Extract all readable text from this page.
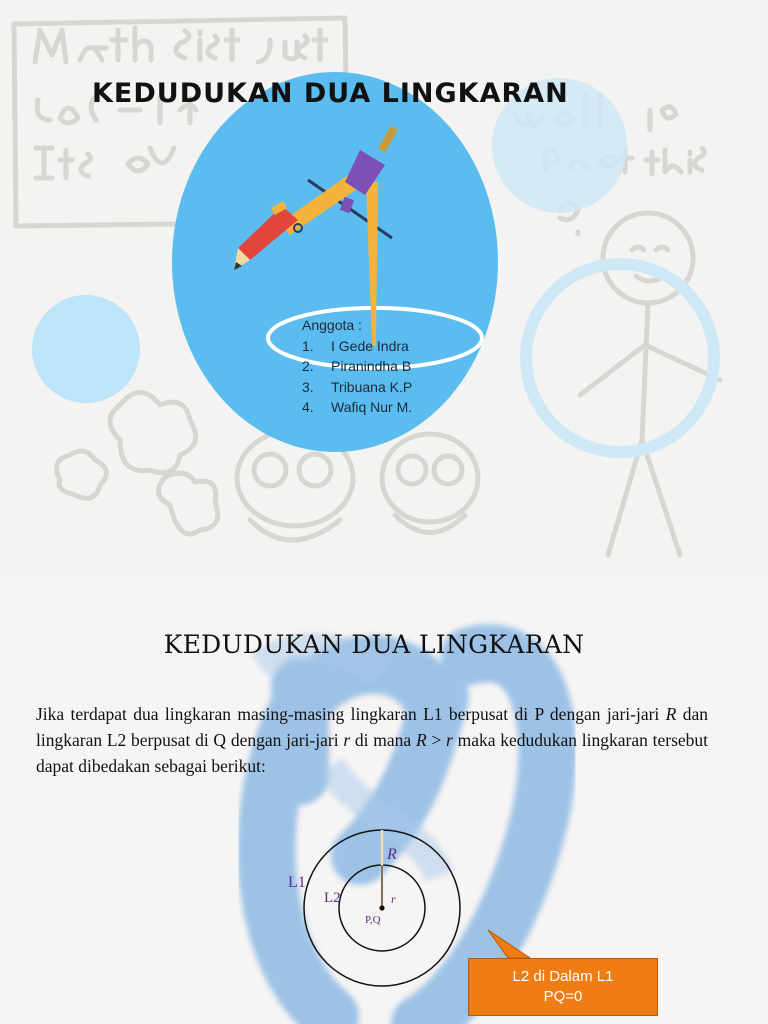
KEDUDUKAN DUA LINGKARAN
Anggota :
1.	I Gede Indra
2.	Piranindha B
3.	Tribuana K.P
4.	Wafiq Nur M.
KEDUDUKAN DUA LINGKARAN
Jika terdapat dua lingkaran masing-masing lingkaran L1 berpusat di P dengan jari-jari R dan lingkaran L2 berpusat di Q dengan jari-jari r di mana R > r maka kedudukan lingkaran tersebut dapat dibedakan sebagai berikut:
L1
L2
R
r
P,Q
L2 di Dalam L1
PQ=0
